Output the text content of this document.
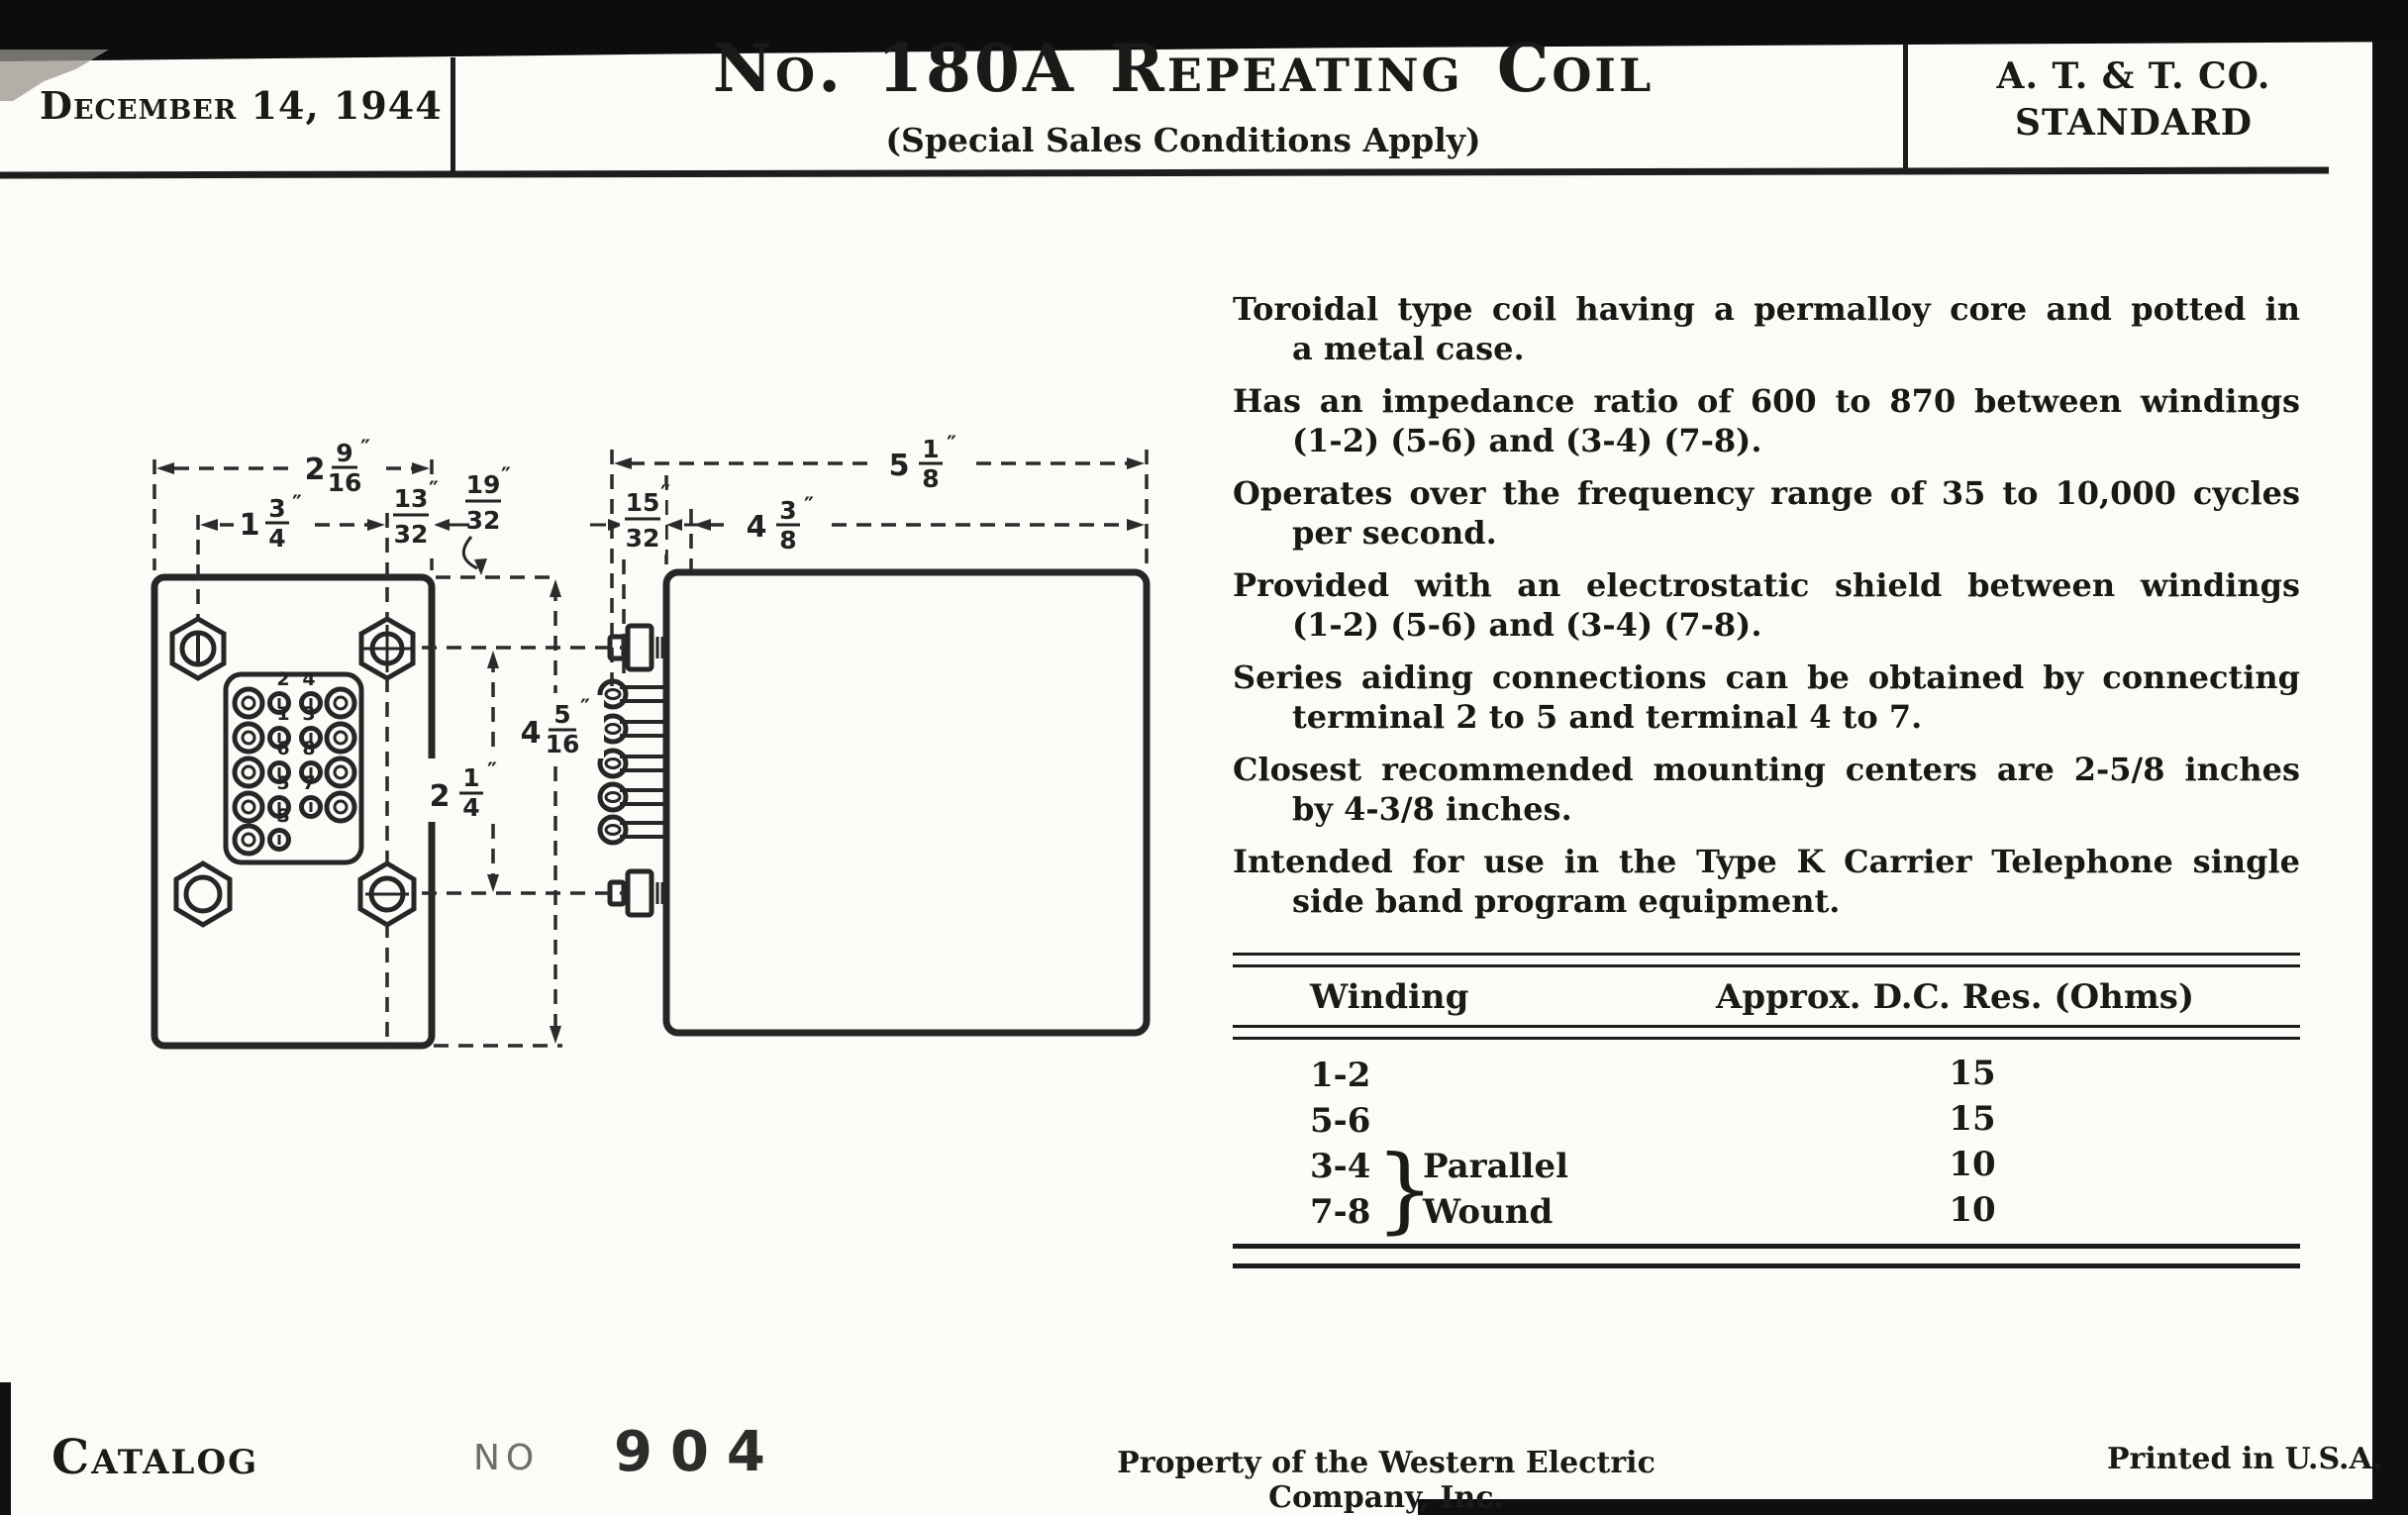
December 14, 1944	No. 180A Repeating Coil
(Special Sales Conditions Apply)
A. T. & T. CO.
STANDARD
2 4
1 3
6 8
5 7
S
2 9
16
″
1 3
4
″	13
32
″ 19
32
″
15
32
″
5 1
8
″
4 3
8
″
4
5
16
″
2
1
4
″
Toroidal type coil having a permalloy core and potted in
a metal case.
Has an impedance ratio of 600 to 870 between windings
(1-2) (5-6) and (3-4) (7-8).
Operates over the frequency range of 35 to 10,000 cycles
per second.
Provided with an electrostatic shield between windings
(1-2) (5-6) and (3-4) (7-8).
Series aiding connections can be obtained by connecting
terminal 2 to 5 and terminal 4 to 7.
Closest recommended mounting centers are 2-5/8 inches
by 4-3/8 inches.
Intended for use in the Type K Carrier Telephone single
side band program equipment.
Winding	Approx. D.C. Res. (Ohms)
1-2	15
5-6	15
3-4 Parallel	10
7-8 Wound	10
}
Catalog	NO 904	Property of the Western Electric Company, Inc.
Printed in U.S.A.
